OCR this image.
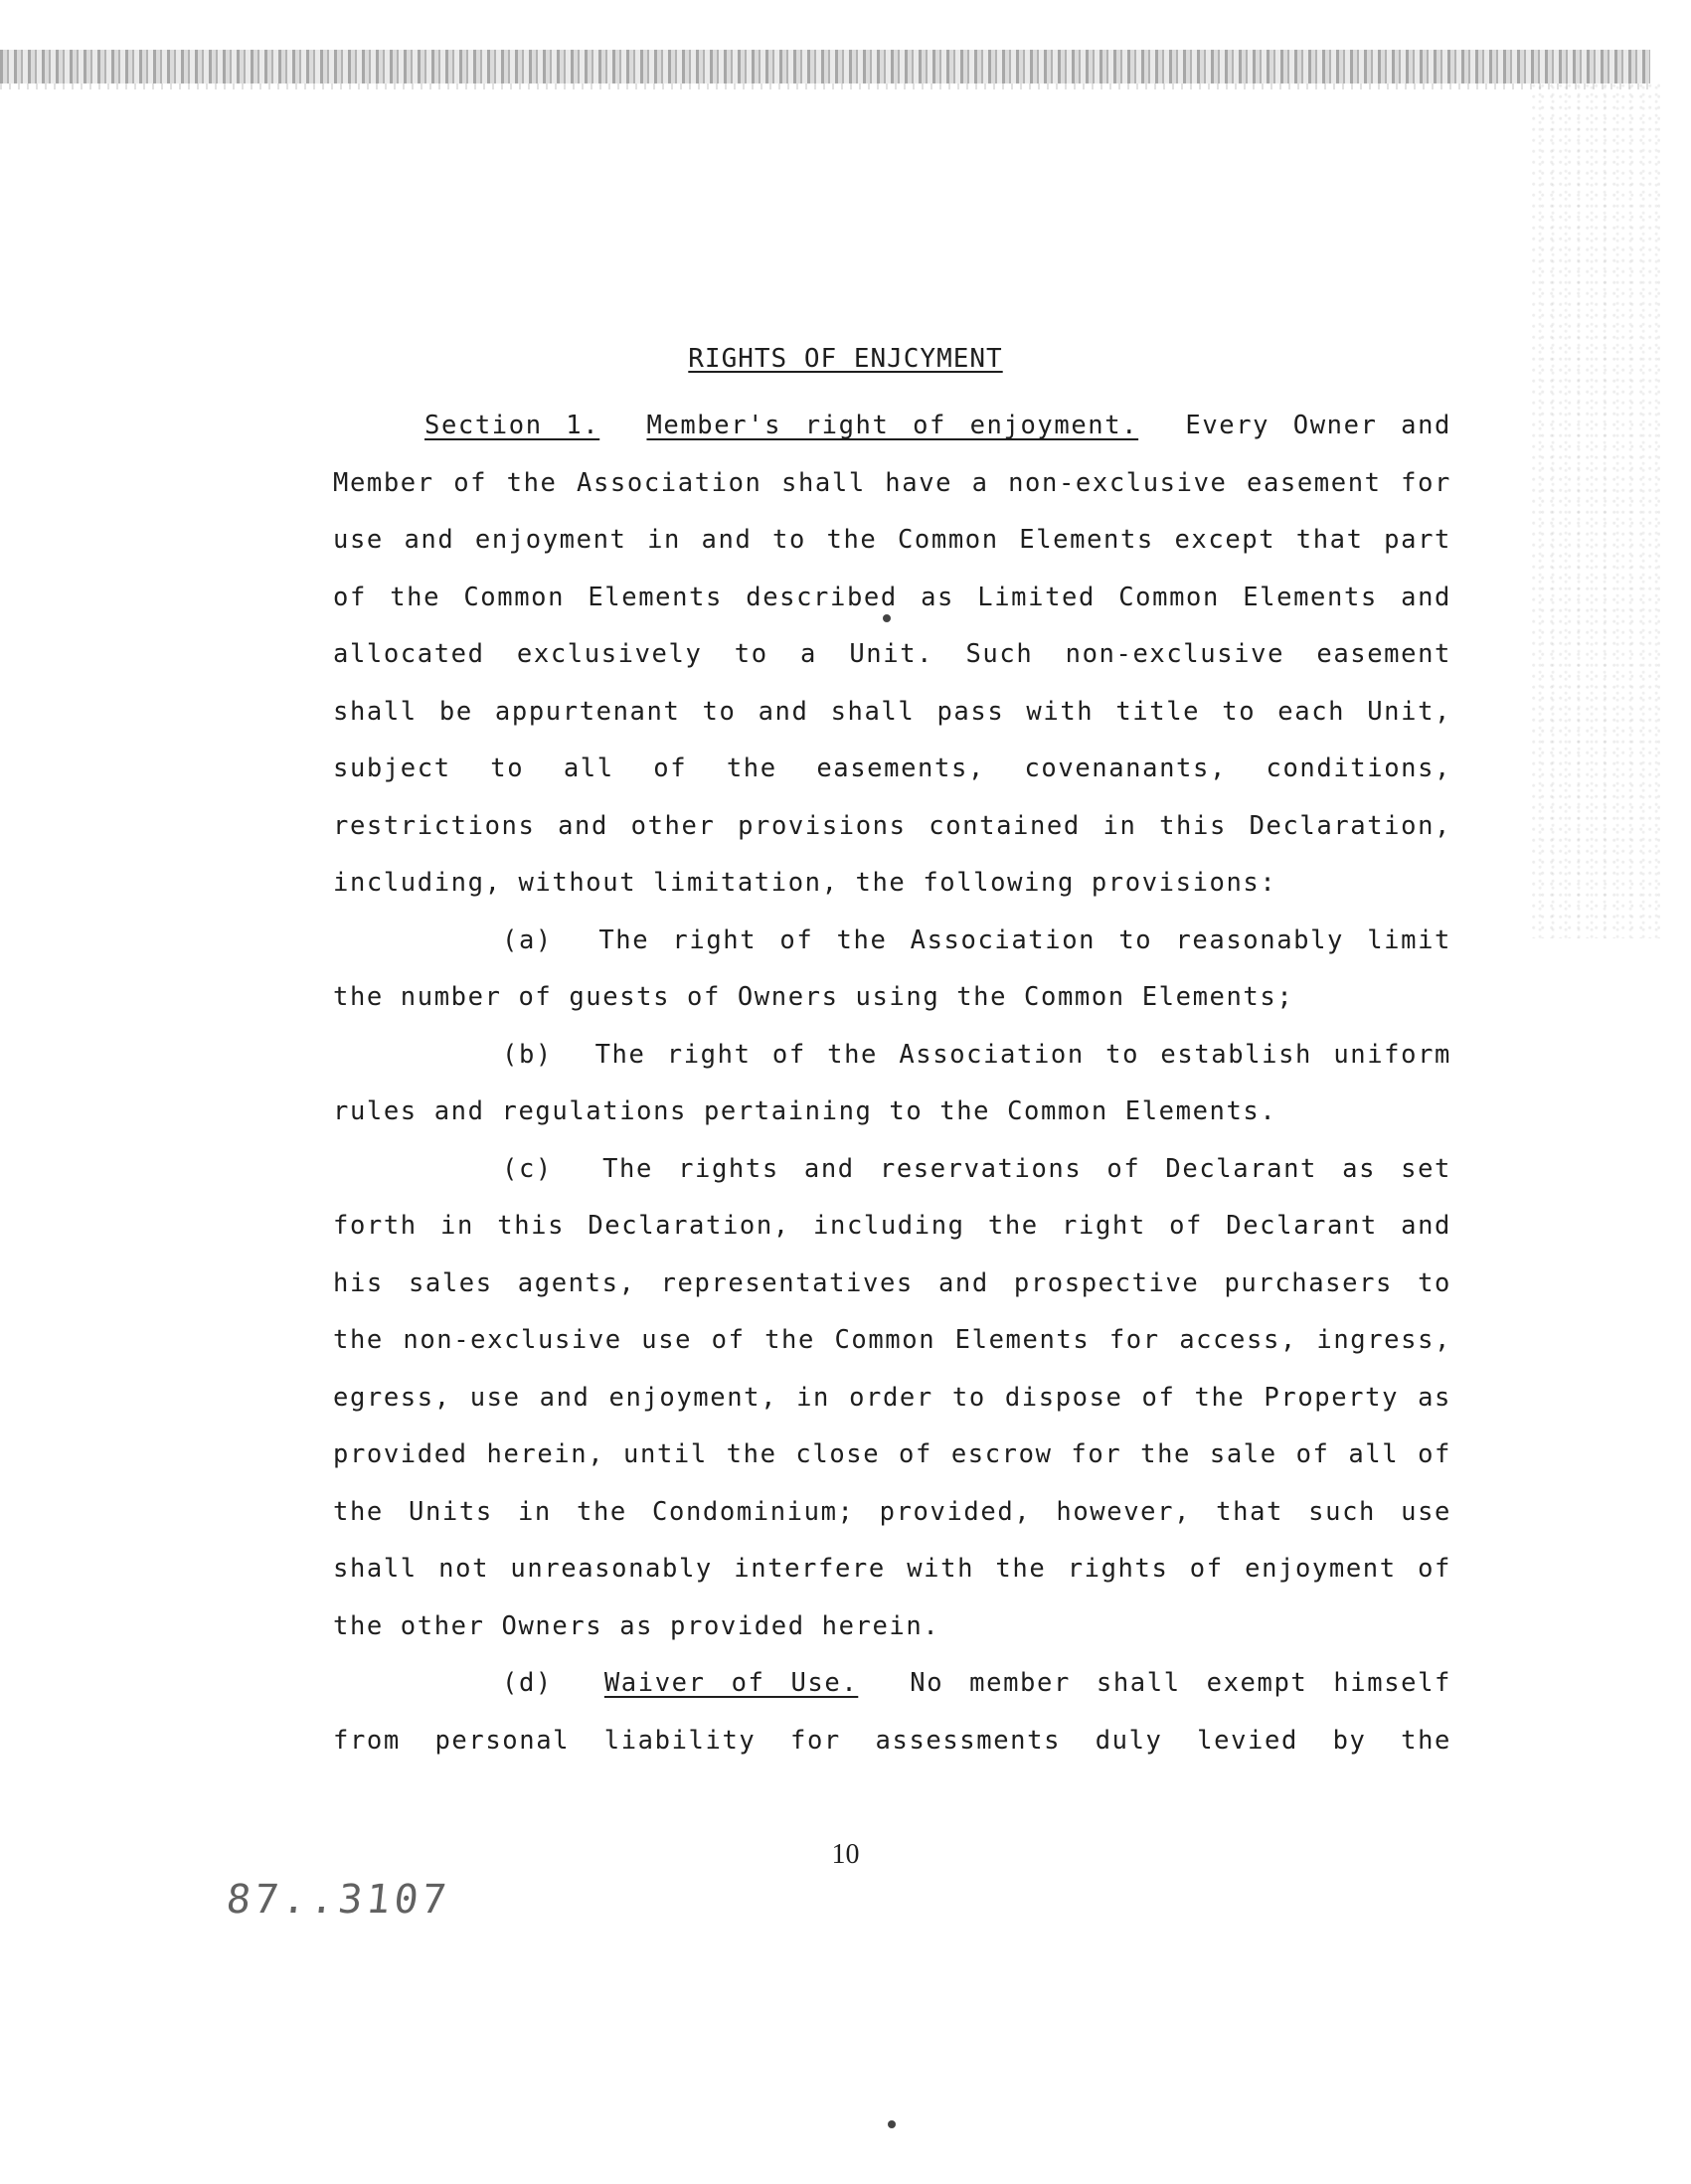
RIGHTS OF ENJCYMENT
Section 1. Member's right of enjoyment. Every Owner and
Member of the Association shall have a non-exclusive easement for
use and enjoyment in and to the Common Elements except that part
of the Common Elements described as Limited Common Elements and
allocated exclusively to a Unit. Such non-exclusive easement
shall be appurtenant to and shall pass with title to each Unit,
subject to all of the easements, covenanants, conditions,
restrictions and other provisions contained in this Declaration,
including, without limitation, the following provisions:
(a) The right of the Association to reasonably limit
the number of guests of Owners using the Common Elements;
(b) The right of the Association to establish uniform
rules and regulations pertaining to the Common Elements.
(c) The rights and reservations of Declarant as set
forth in this Declaration, including the right of Declarant and
his sales agents, representatives and prospective purchasers to
the non-exclusive use of the Common Elements for access, ingress,
egress, use and enjoyment, in order to dispose of the Property as
provided herein, until the close of escrow for the sale of all of
the Units in the Condominium; provided, however, that such use
shall not unreasonably interfere with the rights of enjoyment of
the other Owners as provided herein.
(d) Waiver of Use. No member shall exempt himself
from personal liability for assessments duly levied by the
10
87..3107
